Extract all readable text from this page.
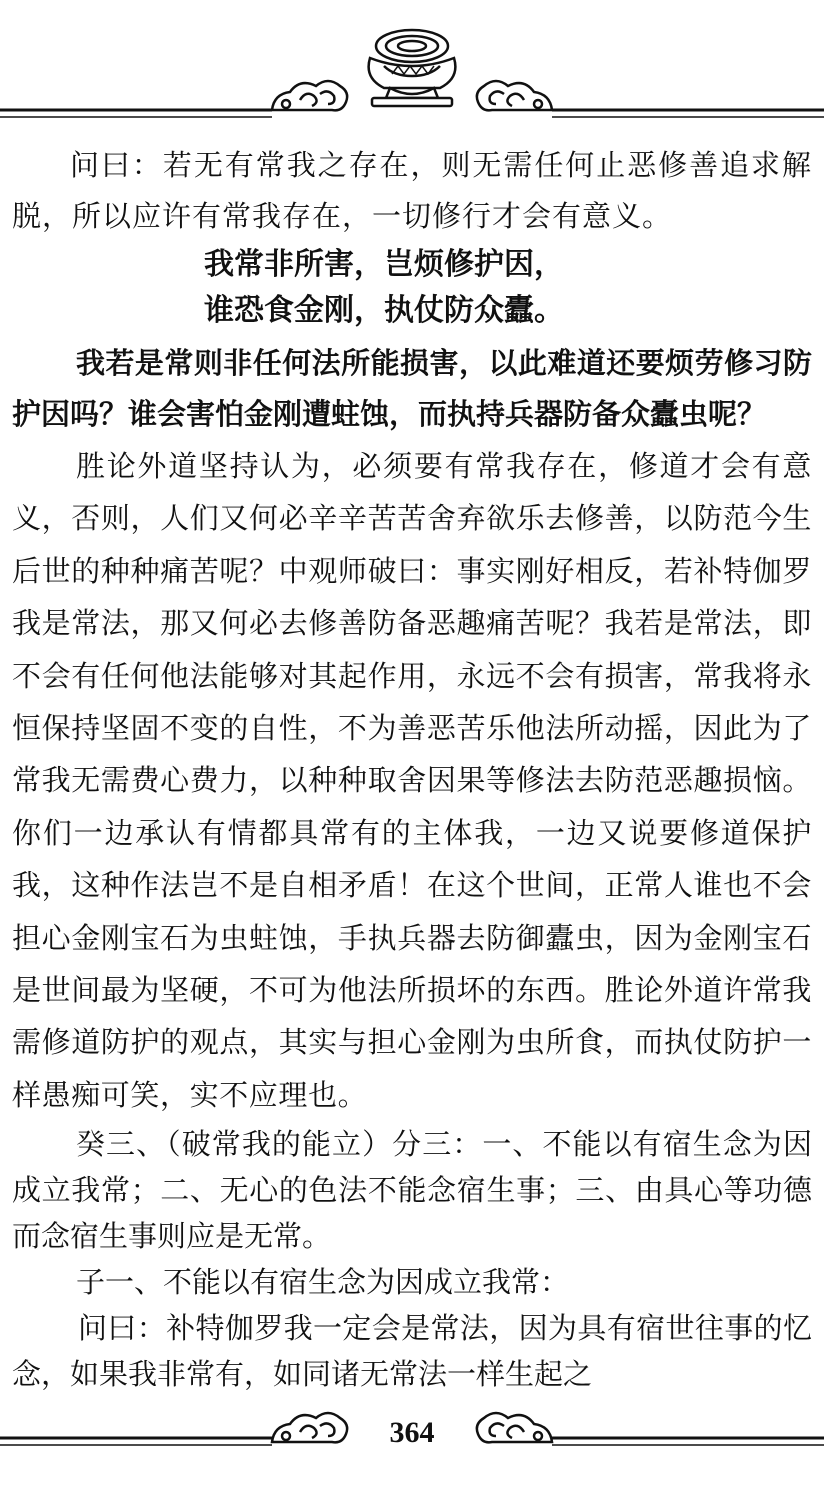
问曰：若无有常我之存在，则无需任何止恶修善追求解脱，所以应许有常我存在，一切修行才会有意义。

我常非所害，岂烦修护因，

谁恐食金刚，执仗防众蠹。

我若是常则非任何法所能损害，以此难道还要烦劳修习防护因吗？谁会害怕金刚遭蛀蚀，而执持兵器防备众蠹虫呢？

胜论外道坚持认为，必须要有常我存在，修道才会有意义，否则，人们又何必辛辛苦苦舍弃欲乐去修善，以防范今生后世的种种痛苦呢？中观师破曰：事实刚好相反，若补特伽罗我是常法，那又何必去修善防备恶趣痛苦呢？我若是常法，即不会有任何他法能够对其起作用，永远不会有损害，常我将永恒保持坚固不变的自性，不为善恶苦乐他法所动摇，因此为了常我无需费心费力，以种种取舍因果等修法去防范恶趣损恼。你们一边承认有情都具常有的主体我，一边又说要修道保护我，这种作法岂不是自相矛盾！在这个世间，正常人谁也不会担心金刚宝石为虫蛀蚀，手执兵器去防御蠹虫，因为金刚宝石是世间最为坚硬，不可为他法所损坏的东西。胜论外道许常我需修道防护的观点，其实与担心金刚为虫所食，而执仗防护一样愚痴可笑，实不应理也。

癸三、（破常我的能立）分三：一、不能以有宿生念为因成立我常；二、无心的色法不能念宿生事；三、由具心等功德而念宿生事则应是无常。

子一、不能以有宿生念为因成立我常：

问曰：补特伽罗我一定会是常法，因为具有宿世往事的忆念，如果我非常有，如同诸无常法一样生起之

364
